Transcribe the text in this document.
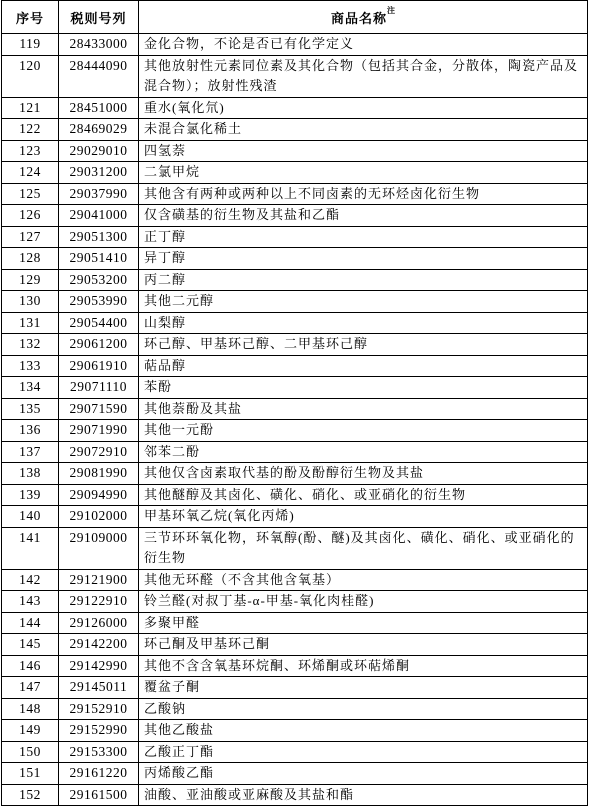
序号	税则号列	商品名称$^注$
119	28433000	金化合物，不论是否已有化学定义
120	28444090	其他放射性元素同位素及其化合物（包括其合金，分散体，陶瓷产品及混合物）；放射性残渣
121	28451000	重水(氧化氘)
122	28469029	未混合氯化稀土
123	29029010	四氢萘
124	29031200	二氯甲烷
125	29037990	其他含有两种或两种以上不同卤素的无环烃卤化衍生物
126	29041000	仅含磺基的衍生物及其盐和乙酯
127	29051300	正丁醇
128	29051410	异丁醇
129	29053200	丙二醇
130	29053990	其他二元醇
131	29054400	山梨醇
132	29061200	环己醇、甲基环己醇、二甲基环己醇
133	29061910	萜品醇
134	29071110	苯酚
135	29071590	其他萘酚及其盐
136	29071990	其他一元酚
137	29072910	邻苯二酚
138	29081990	其他仅含卤素取代基的酚及酚醇衍生物及其盐
139	29094990	其他醚醇及其卤化、磺化、硝化、或亚硝化的衍生物
140	29102000	甲基环氧乙烷(氧化丙烯)
141	29109000	三节环环氧化物，环氧醇(酚、醚)及其卤化、磺化、硝化、或亚硝化的衍生物
142	29121900	其他无环醛（不含其他含氧基）
143	29122910	铃兰醛(对叔丁基-α-甲基-氧化肉桂醛)
144	29126000	多聚甲醛
145	29142200	环己酮及甲基环己酮
146	29142990	其他不含含氧基环烷酮、环烯酮或环萜烯酮
147	29145011	覆盆子酮
148	29152910	乙酸钠
149	29152990	其他乙酸盐
150	29153300	乙酸正丁酯
151	29161220	丙烯酸乙酯
152	29161500	油酸、亚油酸或亚麻酸及其盐和酯
